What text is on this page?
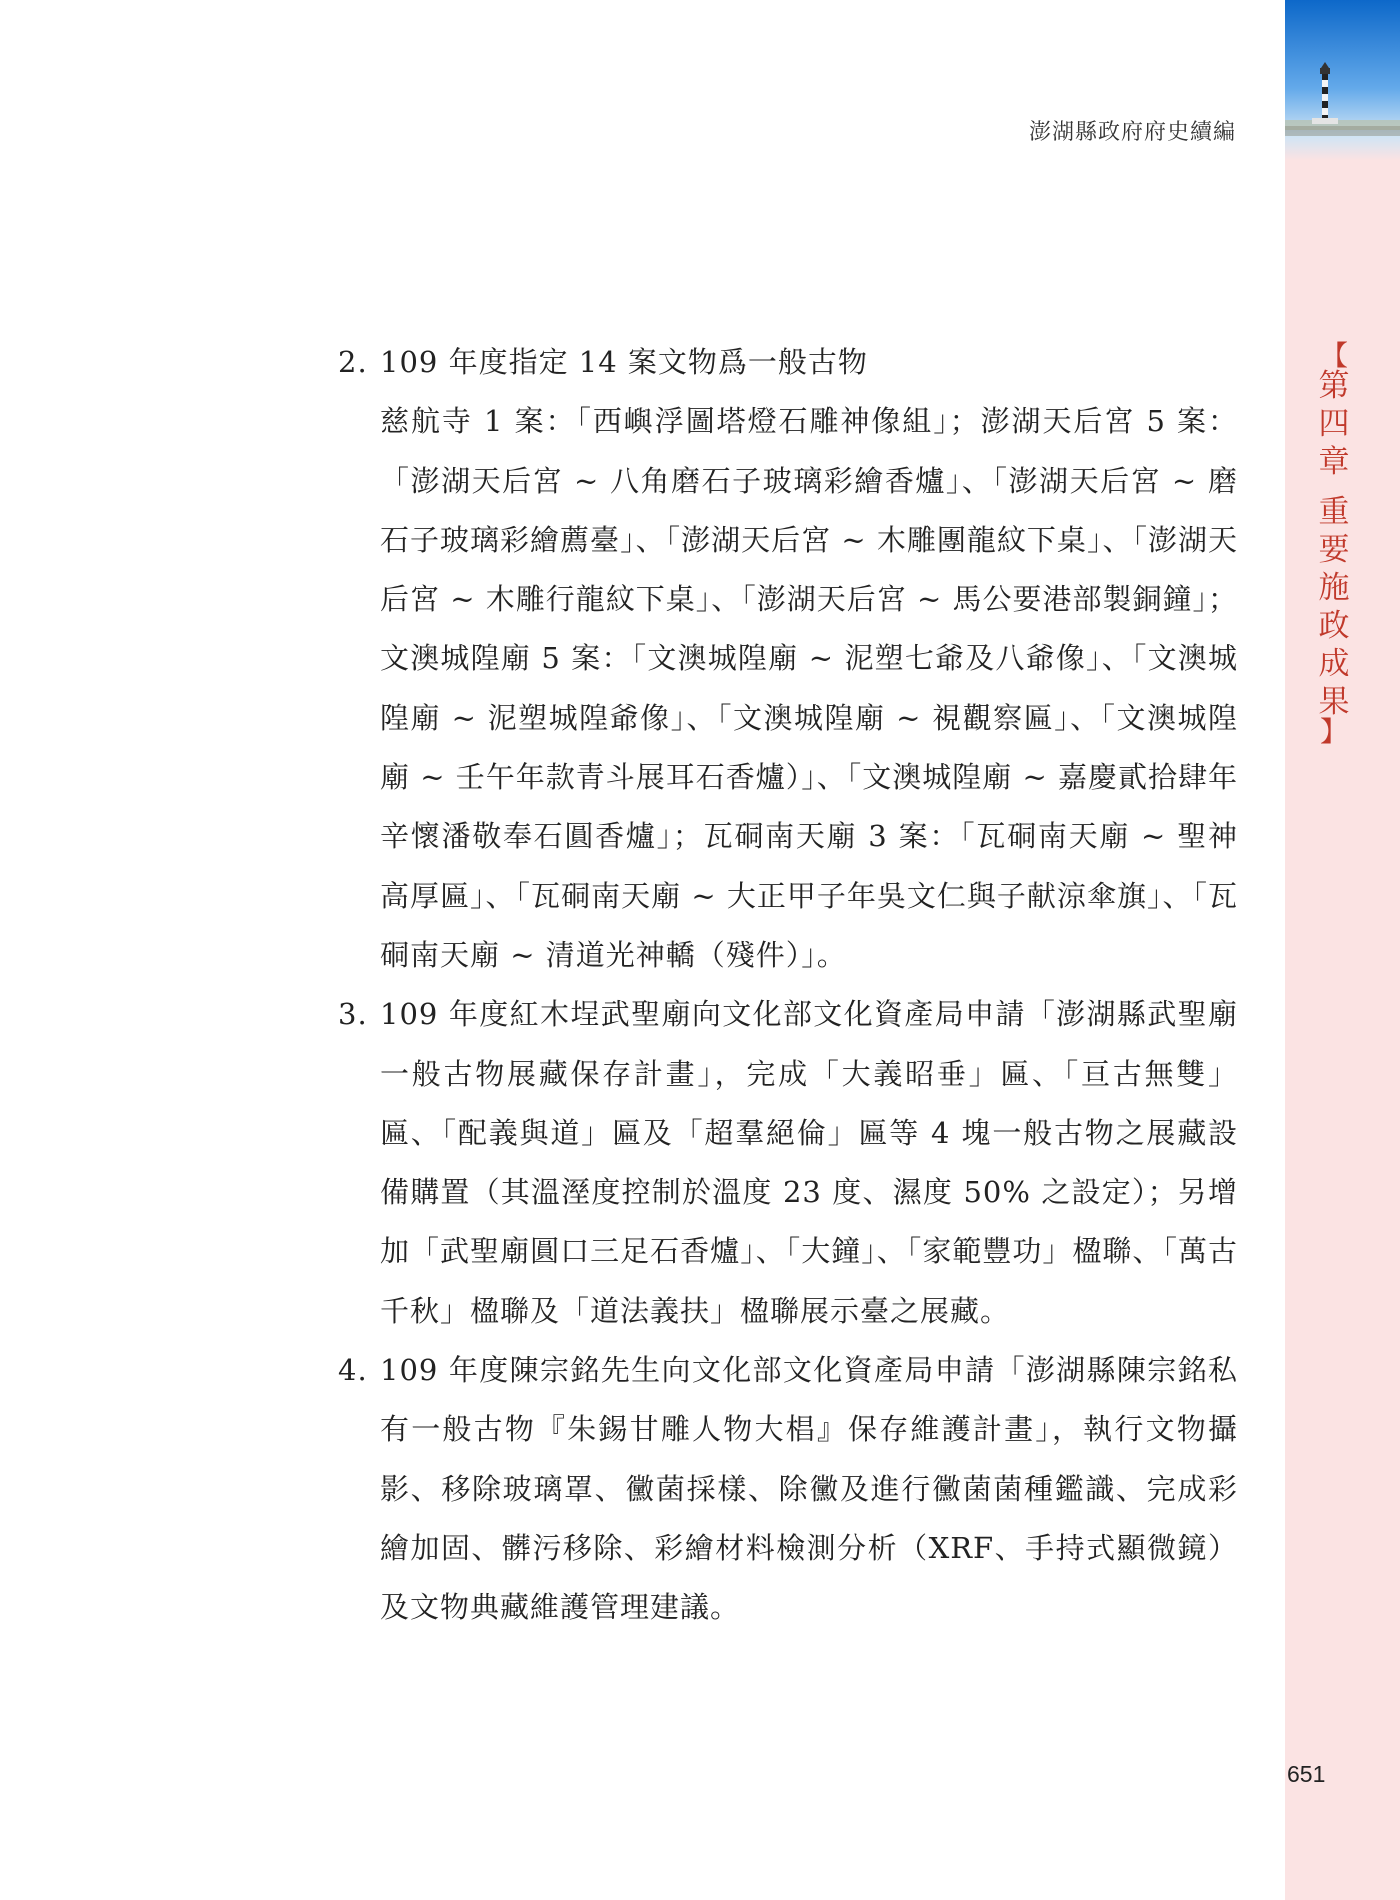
澎湖縣政府府史續編
【
第
四
章
重
要
施
政
成
果
】
2. 109 年度指定 14 案文物爲一般古物
慈航寺 1 案：「西嶼浮圖塔燈石雕神像組」；澎湖天后宮 5 案：「澎湖天后宮 ~ 八角磨石子玻璃彩繪香爐」、「澎湖天后宮 ~ 磨石子玻璃彩繪薦臺」、「澎湖天后宮 ~ 木雕團龍紋下桌」、「澎湖天后宮 ~ 木雕行龍紋下桌」、「澎湖天后宮 ~ 馬公要港部製銅鐘」；文澳城隍廟 5 案：「文澳城隍廟 ~ 泥塑七爺及八爺像」、「文澳城隍廟 ~ 泥塑城隍爺像」、「文澳城隍廟 ~ 視觀察匾」、「文澳城隍廟 ~ 壬午年款青斗展耳石香爐）」、「文澳城隍廟 ~ 嘉慶貳拾肆年辛懷潘敬奉石圓香爐」；瓦硐南天廟 3 案：「瓦硐南天廟 ~ 聖神高厚匾」、「瓦硐南天廟 ~ 大正甲子年吳文仁與子献涼傘旗」、「瓦硐南天廟 ~ 清道光神轎（殘件）」。
3. 109 年度紅木埕武聖廟向文化部文化資產局申請「澎湖縣武聖廟一般古物展藏保存計畫」，完成「大義昭垂」匾、「亘古無雙」匾、「配義與道」匾及「超羣絕倫」匾等 4 塊一般古物之展藏設備購置（其溫溼度控制於溫度 23 度、濕度 50% 之設定）；另增加「武聖廟圓口三足石香爐」、「大鐘」、「家範豐功」楹聯、「萬古千秋」楹聯及「道法義扶」楹聯展示臺之展藏。
4. 109 年度陳宗銘先生向文化部文化資產局申請「澎湖縣陳宗銘私有一般古物『朱錫甘雕人物大椙』保存維護計畫」，執行文物攝影、移除玻璃罩、黴菌採樣、除黴及進行黴菌菌種鑑識、完成彩繪加固、髒污移除、彩繪材料檢測分析（XRF、手持式顯微鏡）及文物典藏維護管理建議。
651
